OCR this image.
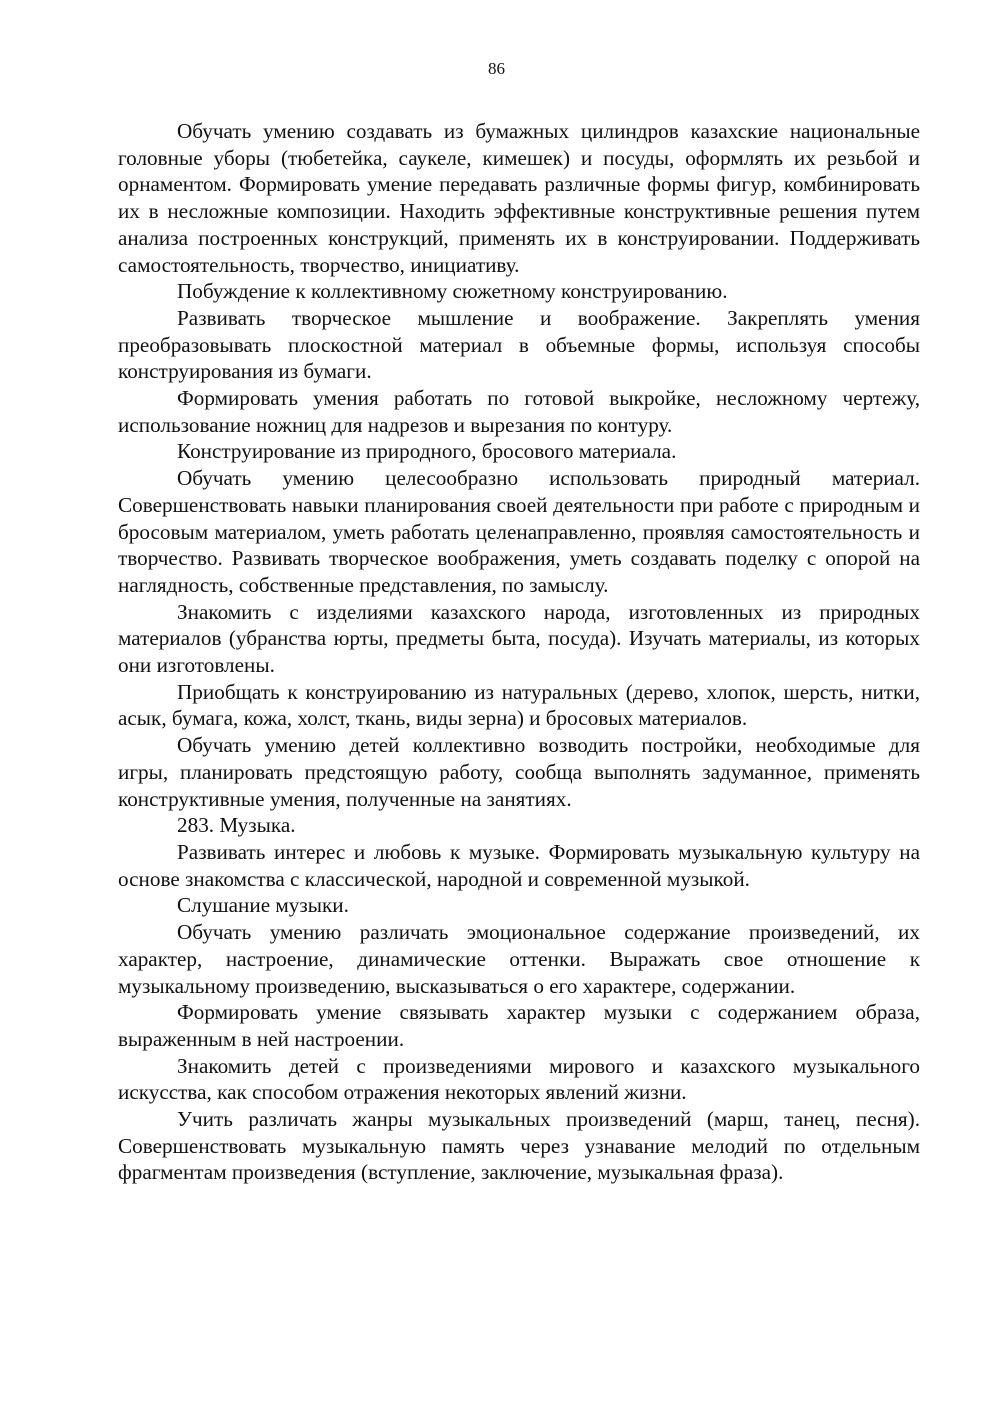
86

Обучать умению создавать из бумажных цилиндров казахские национальные головные уборы (тюбетейка, саукеле, кимешек) и посуды, оформлять их резьбой и орнаментом. Формировать умение передавать различные формы фигур, комбинировать их в несложные композиции. Находить эффективные конструктивные решения путем анализа построенных конструкций, применять их в конструировании. Поддерживать самостоятельность, творчество, инициативу.

Побуждение к коллективному сюжетному конструированию.

Развивать творческое мышление и воображение. Закреплять умения преобразовывать плоскостной материал в объемные формы, используя способы конструирования из бумаги.

Формировать умения работать по готовой выкройке, несложному чертежу, использование ножниц для надрезов и вырезания по контуру.

Конструирование из природного, бросового материала.

Обучать умению целесообразно использовать природный материал. Совершенствовать навыки планирования своей деятельности при работе с природным и бросовым материалом, уметь работать целенаправленно, проявляя самостоятельность и творчество. Развивать творческое воображения, уметь создавать поделку с опорой на наглядность, собственные представления, по замыслу.

Знакомить с изделиями казахского народа, изготовленных из природных материалов (убранства юрты, предметы быта, посуда). Изучать материалы, из которых они изготовлены.

Приобщать к конструированию из натуральных (дерево, хлопок, шерсть, нитки, асык, бумага, кожа, холст, ткань, виды зерна) и бросовых материалов.

Обучать умению детей коллективно возводить постройки, необходимые для игры, планировать предстоящую работу, сообща выполнять задуманное, применять конструктивные умения, полученные на занятиях.

283. Музыка.

Развивать интерес и любовь к музыке. Формировать музыкальную культуру на основе знакомства с классической, народной и современной музыкой.

Слушание музыки.

Обучать умению различать эмоциональное содержание произведений, их характер, настроение, динамические оттенки. Выражать свое отношение к музыкальному произведению, высказываться о его характере, содержании.

Формировать умение связывать характер музыки с содержанием образа, выраженным в ней настроении.

Знакомить детей с произведениями мирового и казахского музыкального искусства, как способом отражения некоторых явлений жизни.

Учить различать жанры музыкальных произведений (марш, танец, песня). Совершенствовать музыкальную память через узнавание мелодий по отдельным фрагментам произведения (вступление, заключение, музыкальная фраза).
